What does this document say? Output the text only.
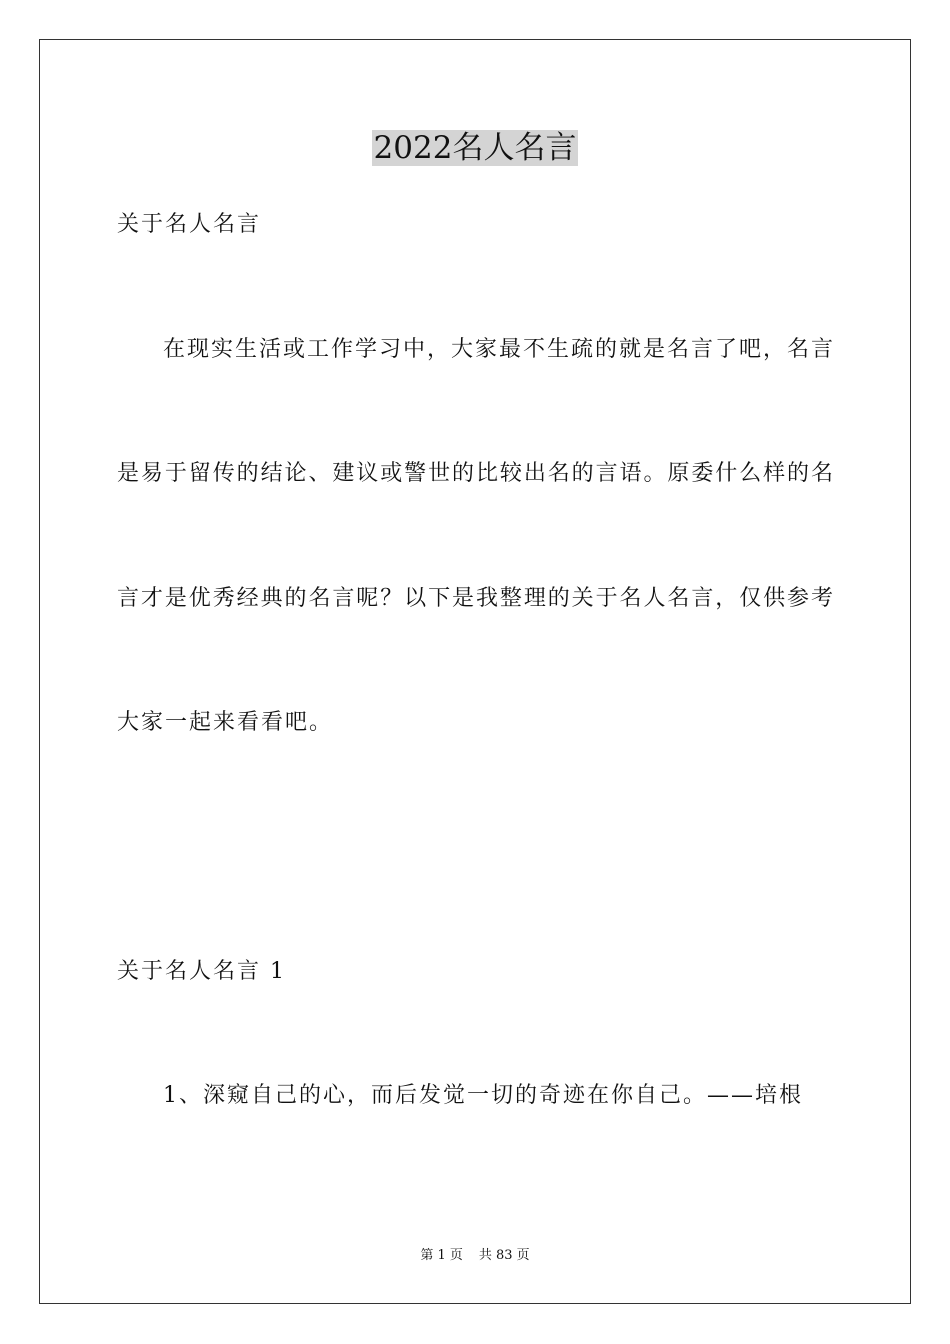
2022名人名言
关于名人名言
在现实生活或工作学习中，大家最不生疏的就是名言了吧，名言
是易于留传的结论、建议或警世的比较出名的言语。原委什么样的名
言才是优秀经典的名言呢？以下是我整理的关于名人名言，仅供参考
大家一起来看看吧。
关于名人名言 1
1、深窥自己的心，而后发觉一切的奇迹在你自己。——培根
第 1 页 共 83 页
